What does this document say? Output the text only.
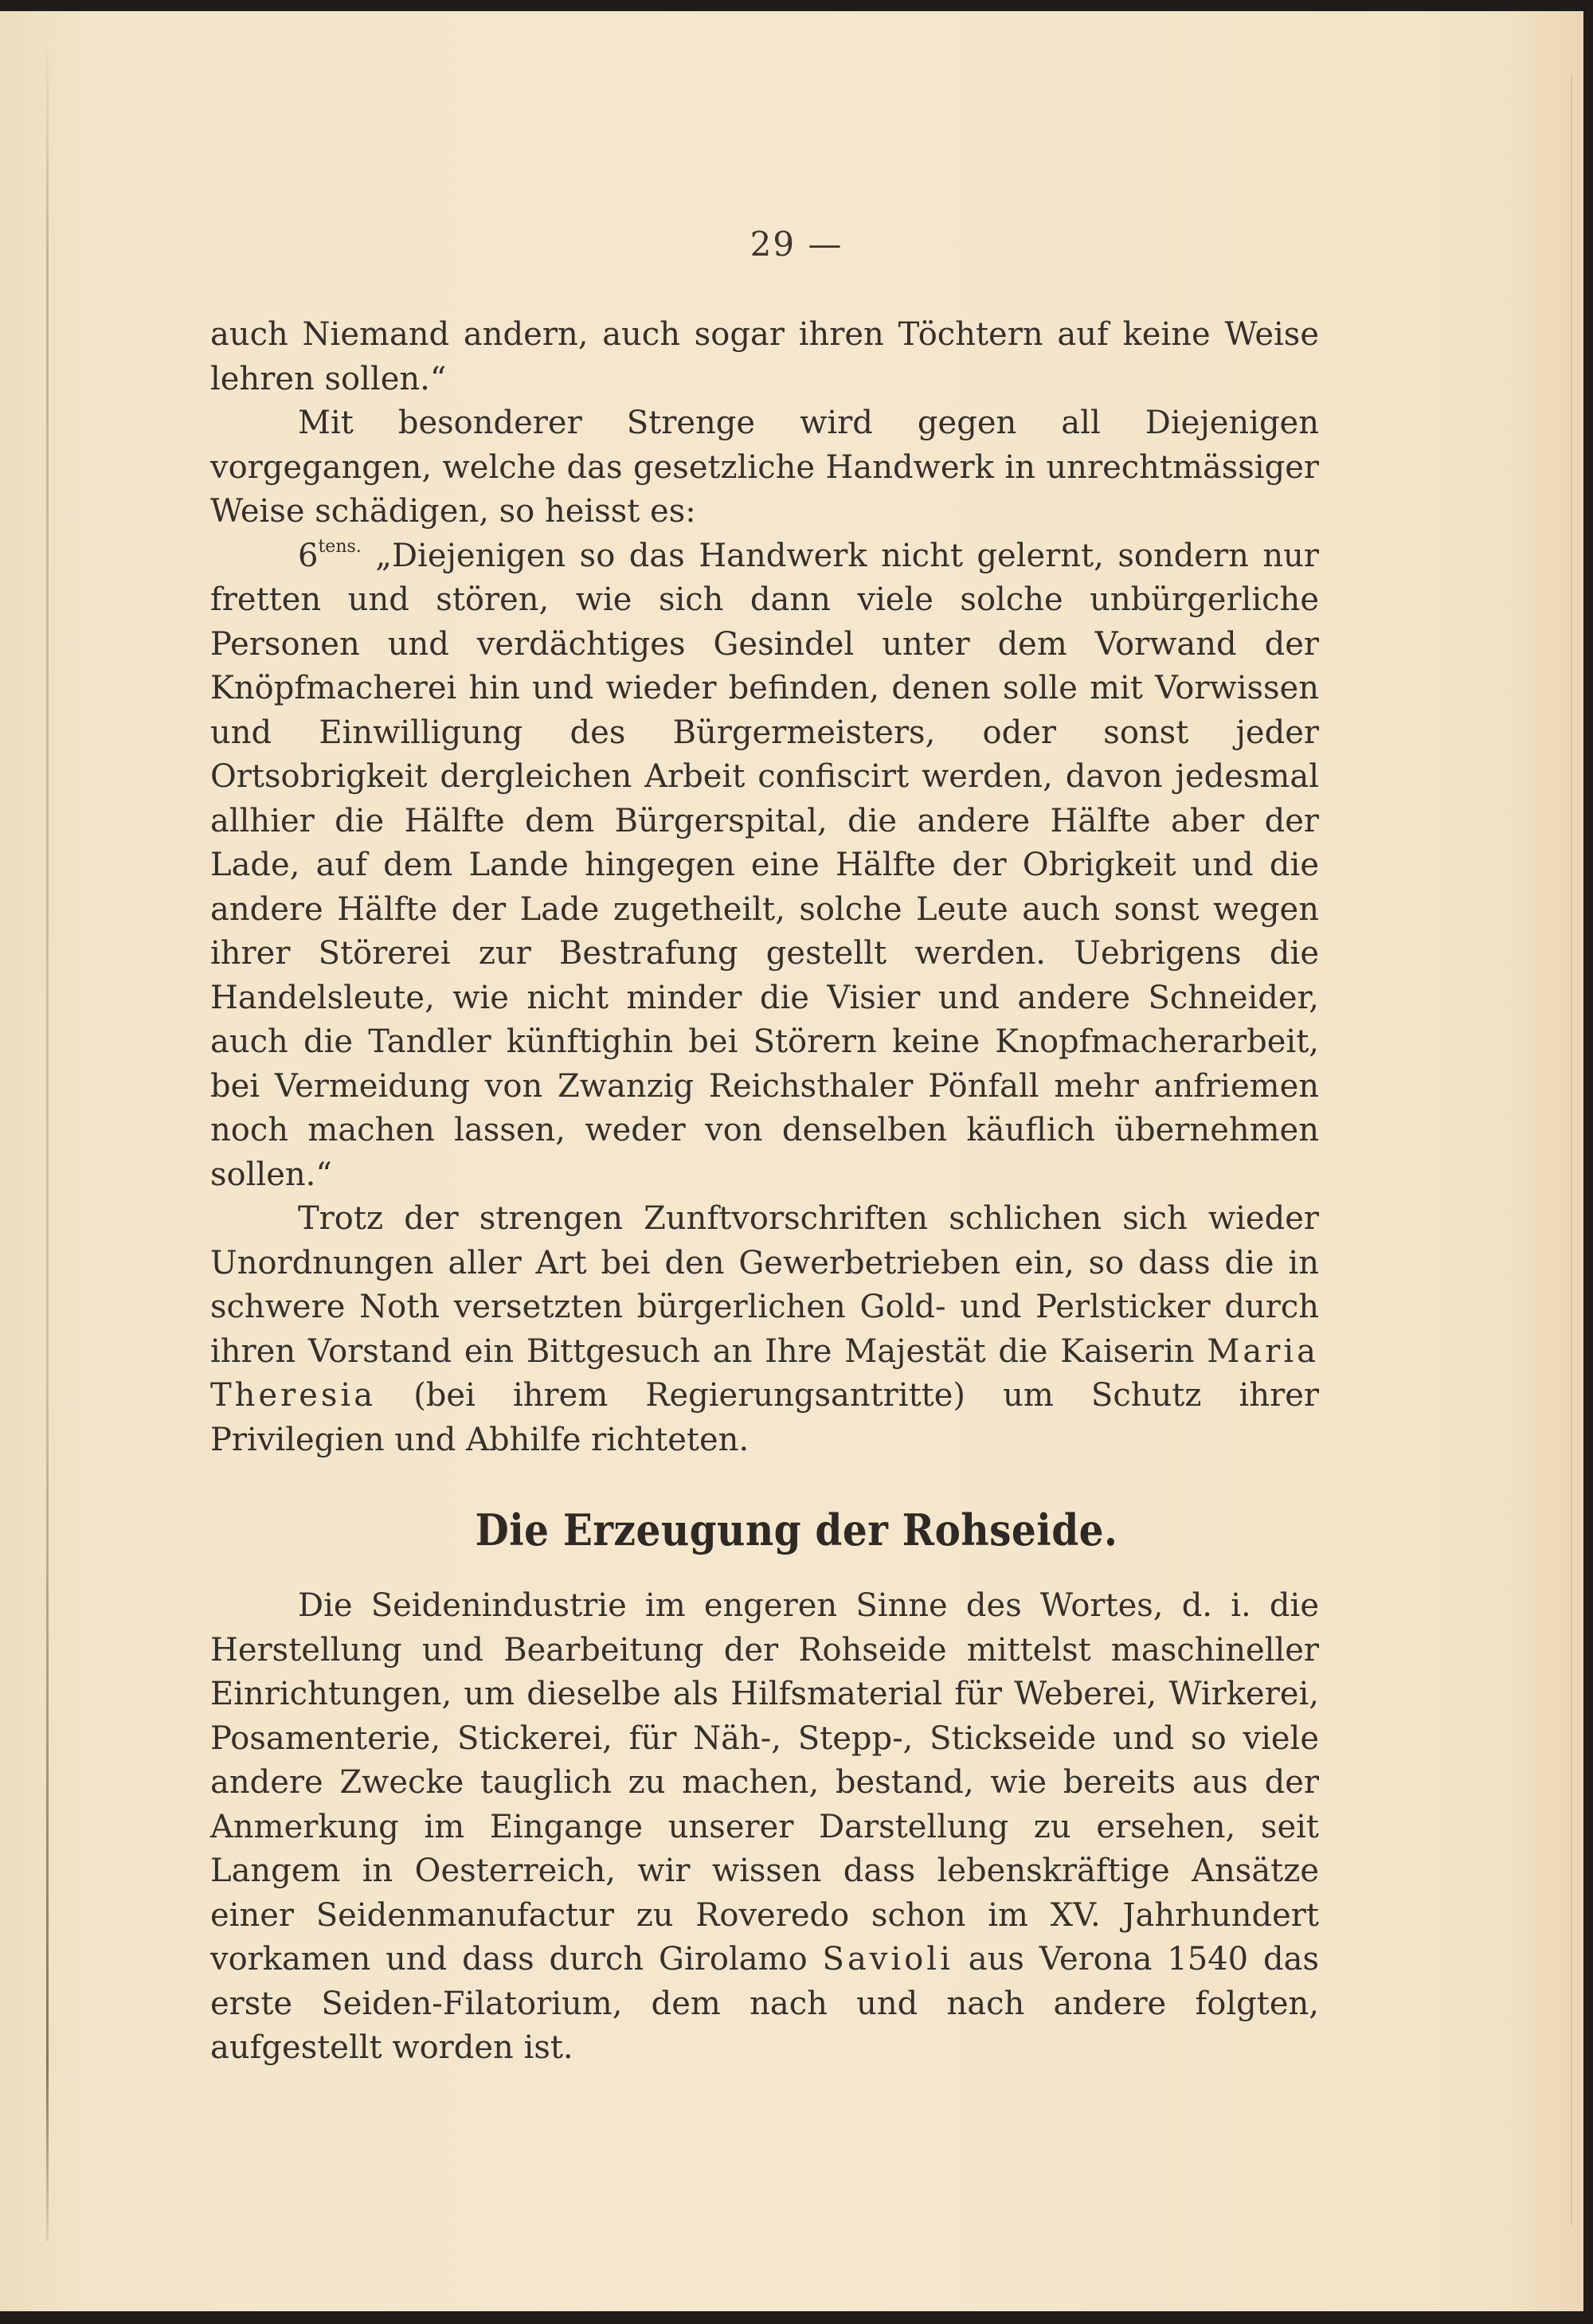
29 —

auch Niemand andern, auch sogar ihren Töchtern auf keine Weise lehren sollen.“

Mit besonderer Strenge wird gegen all Diejenigen vorgegangen, welche das gesetzliche Handwerk in unrechtmässiger Weise schädigen, so heisst es:

$6^{tens.}$ „Diejenigen so das Handwerk nicht gelernt, sondern nur fretten und stören, wie sich dann viele solche unbürgerliche Personen und verdächtiges Gesindel unter dem Vorwand der Knöpfmacherei hin und wieder befinden, denen solle mit Vorwissen und Einwilligung des Bürgermeisters, oder sonst jeder Ortsobrigkeit dergleichen Arbeit confiscirt werden, davon jedesmal allhier die Hälfte dem Bürgerspital, die andere Hälfte aber der Lade, auf dem Lande hingegen eine Hälfte der Obrigkeit und die andere Hälfte der Lade zugetheilt, solche Leute auch sonst wegen ihrer Störerei zur Bestrafung gestellt werden. Uebrigens die Handelsleute, wie nicht minder die Visier und andere Schneider, auch die Tandler künftighin bei Störern keine Knopfmacherarbeit, bei Vermeidung von Zwanzig Reichsthaler Pönfall mehr anfriemen noch machen lassen, weder von denselben käuflich übernehmen sollen.“

Trotz der strengen Zunftvorschriften schlichen sich wieder Unordnungen aller Art bei den Gewerbetrieben ein, so dass die in schwere Noth versetzten bürgerlichen Gold- und Perlsticker durch ihren Vorstand ein Bittgesuch an Ihre Majestät die Kaiserin Maria Theresia (bei ihrem Regierungsantritte) um Schutz ihrer Privilegien und Abhilfe richteten.

Die Erzeugung der Rohseide.

Die Seidenindustrie im engeren Sinne des Wortes, d. i. die Herstellung und Bearbeitung der Rohseide mittelst maschineller Einrichtungen, um dieselbe als Hilfsmaterial für Weberei, Wirkerei, Posamenterie, Stickerei, für Näh-, Stepp-, Stickseide und so viele andere Zwecke tauglich zu machen, bestand, wie bereits aus der Anmerkung im Eingange unserer Darstellung zu ersehen, seit Langem in Oesterreich, wir wissen dass lebenskräftige Ansätze einer Seidenmanufactur zu Roveredo schon im XV. Jahrhundert vorkamen und dass durch Girolamo Savioli aus Verona 1540 das erste Seiden-Filatorium, dem nach und nach andere folgten, aufgestellt worden ist.
